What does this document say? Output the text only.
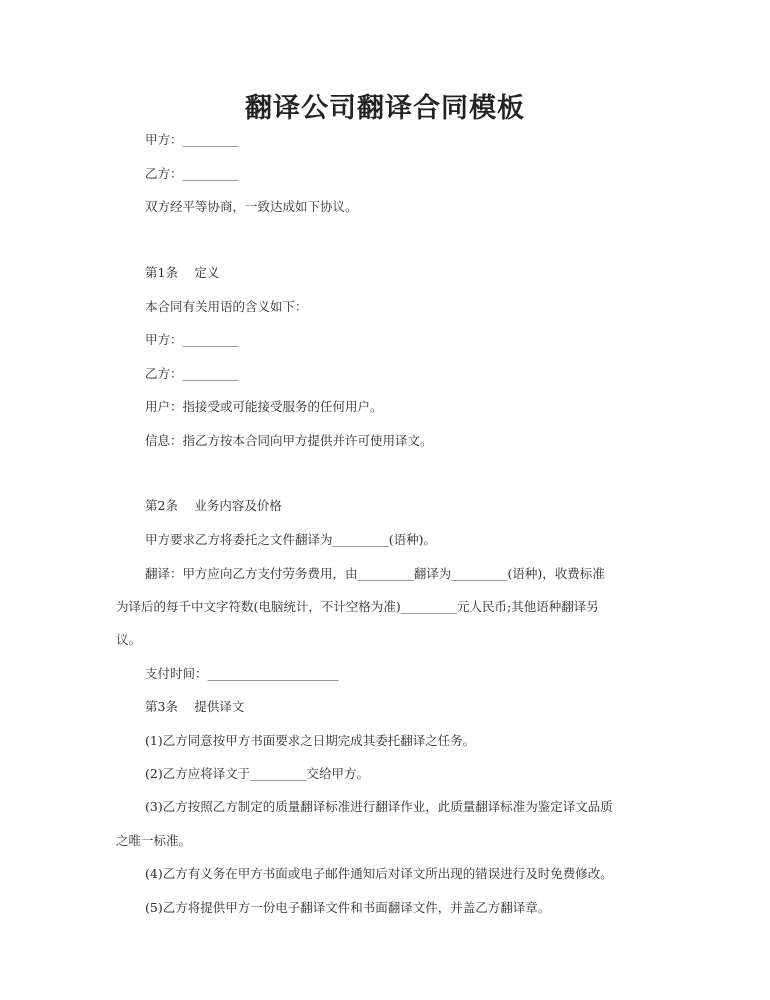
翻译公司翻译合同模板
甲方：_________
乙方：_________
双方经平等协商，一致达成如下协议。
第1条　 定义
本合同有关用语的含义如下：
甲方：_________
乙方：_________
用户：指接受或可能接受服务的任何用户。
信息：指乙方按本合同向甲方提供并许可使用译文。
第2条　 业务内容及价格
甲方要求乙方将委托之文件翻译为_________(语种)。
翻译：甲方应向乙方支付劳务费用，由_________翻译为_________(语种)，收费标准
为译后的每千中文字符数(电脑统计，不计空格为准)_________元人民币;其他语种翻译另
议。
支付时间：_____________________
第3条　 提供译文
(1)乙方同意按甲方书面要求之日期完成其委托翻译之任务。
(2)乙方应将译文于_________交给甲方。
(3)乙方按照乙方制定的质量翻译标准进行翻译作业，此质量翻译标准为鉴定译文品质
之唯一标准。
(4)乙方有义务在甲方书面或电子邮件通知后对译文所出现的错误进行及时免费修改。
(5)乙方将提供甲方一份电子翻译文件和书面翻译文件，并盖乙方翻译章。
